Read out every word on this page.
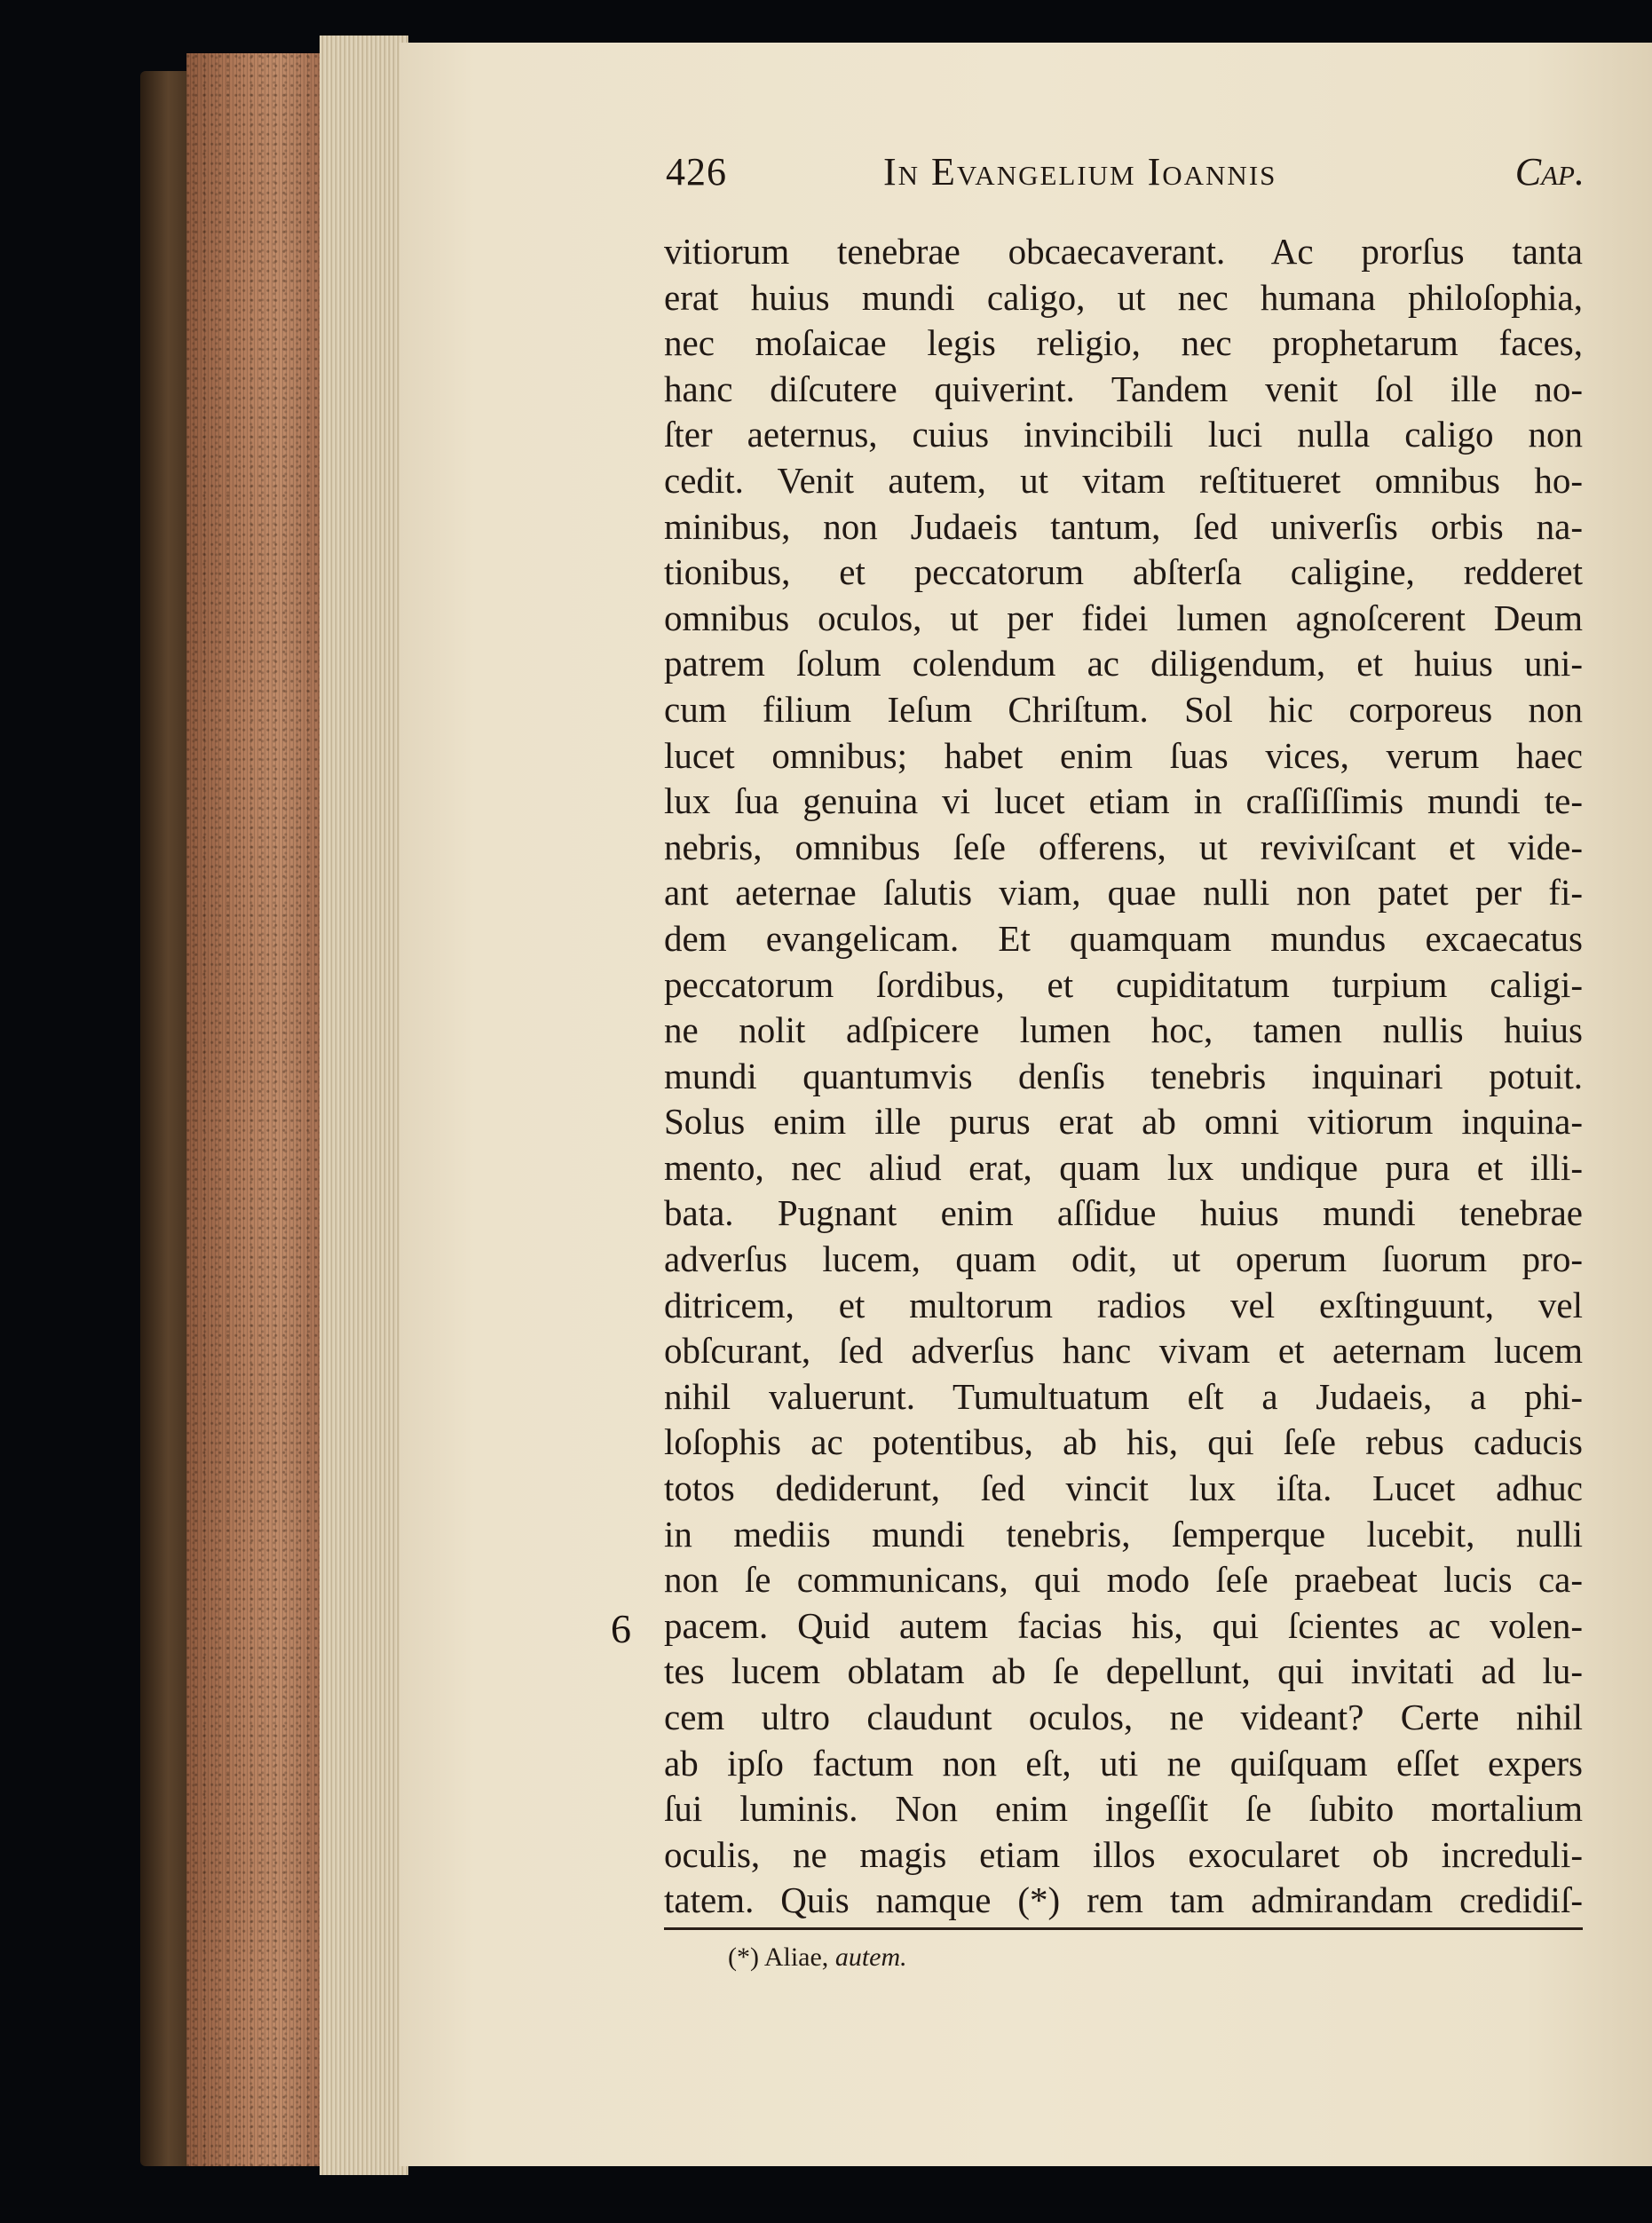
426	In Evangelium Ioannis	Cap.
vitiorum tenebrae obcaecaverant. Ac prorſus tanta
erat huius mundi caligo, ut nec humana philoſophia,
nec moſaicae legis religio, nec prophetarum faces,
hanc diſcutere quiverint. Tandem venit ſol ille no-
ſter aeternus, cuius invincibili luci nulla caligo non
cedit. Venit autem, ut vitam reſtitueret omnibus ho-
minibus, non Judaeis tantum, ſed univerſis orbis na-
tionibus, et peccatorum abſterſa caligine, redderet
omnibus oculos, ut per fidei lumen agnoſcerent Deum
patrem ſolum colendum ac diligendum, et huius uni-
cum filium Ieſum Chriſtum. Sol hic corporeus non
lucet omnibus; habet enim ſuas vices, verum haec
lux ſua genuina vi lucet etiam in craſſiſſimis mundi te-
nebris, omnibus ſeſe offerens, ut reviviſcant et vide-
ant aeternae ſalutis viam, quae nulli non patet per fi-
dem evangelicam. Et quamquam mundus excaecatus
peccatorum ſordibus, et cupiditatum turpium caligi-
ne nolit adſpicere lumen hoc, tamen nullis huius
mundi quantumvis denſis tenebris inquinari potuit.
Solus enim ille purus erat ab omni vitiorum inquina-
mento, nec aliud erat, quam lux undique pura et illi-
bata. Pugnant enim aſſidue huius mundi tenebrae
adverſus lucem, quam odit, ut operum ſuorum pro-
ditricem, et multorum radios vel exſtinguunt, vel
obſcurant, ſed adverſus hanc vivam et aeternam lucem
nihil valuerunt. Tumultuatum eſt a Judaeis, a phi-
loſophis ac potentibus, ab his, qui ſeſe rebus caducis
totos dediderunt, ſed vincit lux iſta. Lucet adhuc
in mediis mundi tenebris, ſemperque lucebit, nulli
non ſe communicans, qui modo ſeſe praebeat lucis ca-
pacem. Quid autem facias his, qui ſcientes ac volen-
tes lucem oblatam ab ſe depellunt, qui invitati ad lu-
cem ultro claudunt oculos, ne videant? Certe nihil
ab ipſo factum non eſt, uti ne quiſquam eſſet expers
ſui luminis. Non enim ingeſſit ſe ſubito mortalium
oculis, ne magis etiam illos exocularet ob increduli-
tatem. Quis namque (*) rem tam admirandam credidiſ-
6
(*) Aliae, autem.
